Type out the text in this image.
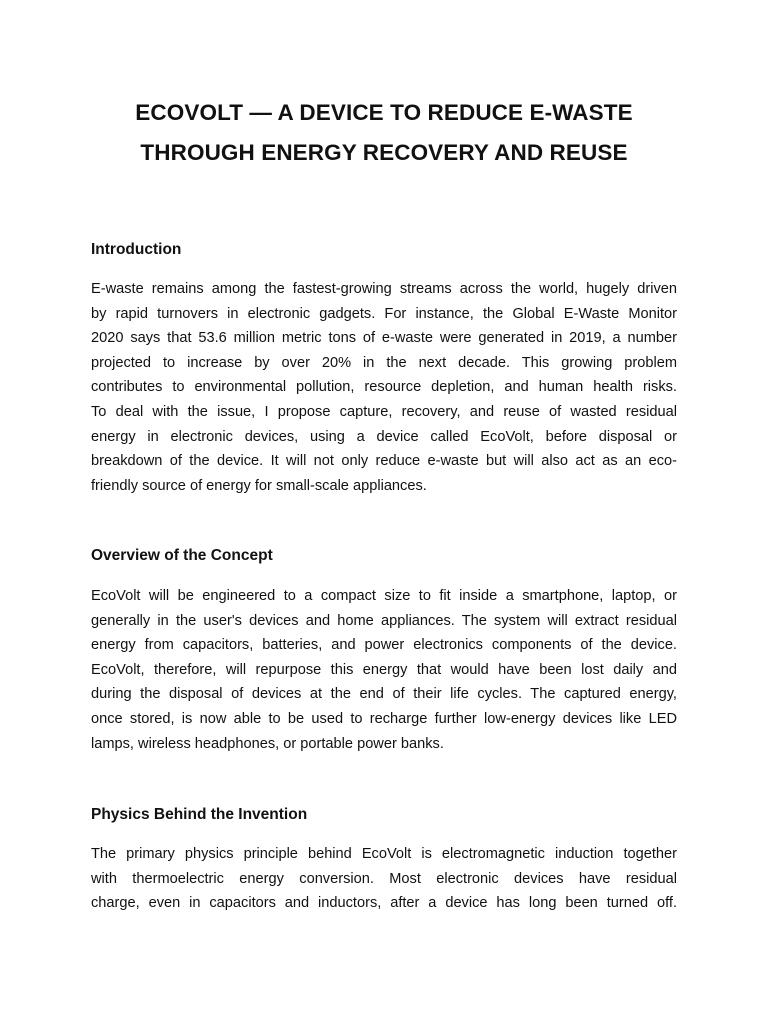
ECOVOLT — A DEVICE TO REDUCE E-WASTE
THROUGH ENERGY RECOVERY AND REUSE
Introduction

E-waste remains among the fastest-growing streams across the world, hugely driven
by rapid turnovers in electronic gadgets. For instance, the Global E-Waste Monitor
2020 says that 53.6 million metric tons of e-waste were generated in 2019, a number
projected to increase by over 20% in the next decade. This growing problem
contributes to environmental pollution, resource depletion, and human health risks.
To deal with the issue, I propose capture, recovery, and reuse of wasted residual
energy in electronic devices, using a device called EcoVolt, before disposal or
breakdown of the device. It will not only reduce e-waste but will also act as an eco-
friendly source of energy for small-scale appliances.

Overview of the Concept

EcoVolt will be engineered to a compact size to fit inside a smartphone, laptop, or
generally in the user's devices and home appliances. The system will extract residual
energy from capacitors, batteries, and power electronics components of the device.
EcoVolt, therefore, will repurpose this energy that would have been lost daily and
during the disposal of devices at the end of their life cycles. The captured energy,
once stored, is now able to be used to recharge further low-energy devices like LED
lamps, wireless headphones, or portable power banks.

Physics Behind the Invention

The primary physics principle behind EcoVolt is electromagnetic induction together
with thermoelectric energy conversion. Most electronic devices have residual
charge, even in capacitors and inductors, after a device has long been turned off.
